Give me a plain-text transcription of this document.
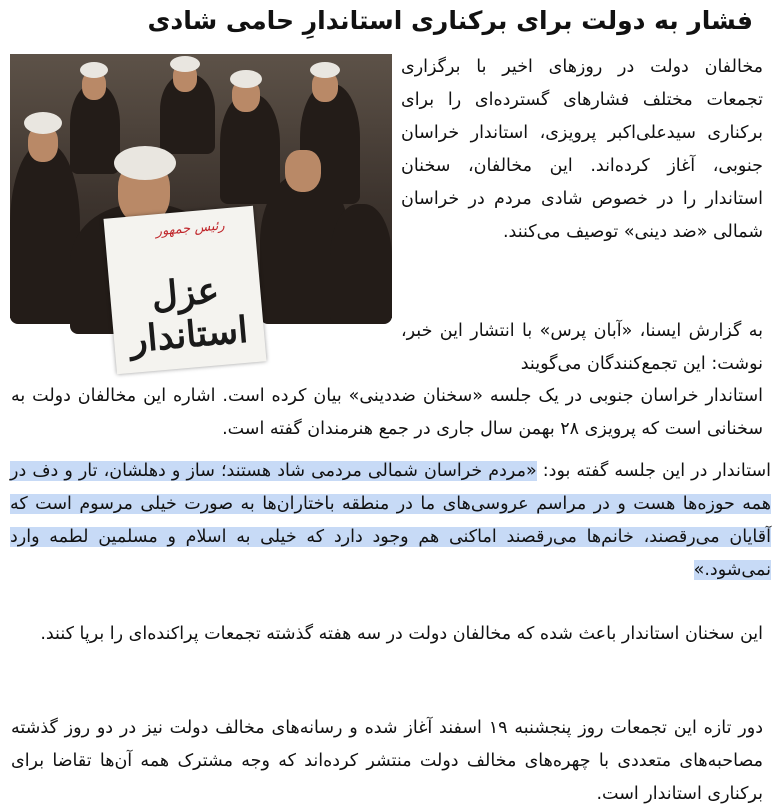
فشار به دولت برای برکناری استاندارِ حامی شادی
رئیس جمهور
عزل استاندار

مخالفان دولت در روزهای اخیر با برگزاری تجمعات مختلف فشارهای گسترده‌ای را برای برکناری سیدعلی‌اکبر پرویزی، استاندار خراسان جنوبی، آغاز کرده‌اند. این مخالفان، سخنان استاندار را در خصوص شادی مردم در خراسان شمالی «ضد دینی» توصیف می‌کنند.

به گزارش ایسنا، «آبان پرس» با انتشار این خبر، نوشت: این تجمع‌کنندگان می‌گویند

استاندار خراسان جنوبی در یک جلسه «سخنان ضددینی» بیان کرده است. اشاره این مخالفان دولت به سخنانی است که پرویزی ۲۸ بهمن سال جاری در جمع هنرمندان گفته است.

استاندار در این جلسه گفته بود: «مردم خراسان شمالی مردمی شاد هستند؛ ساز و دهلشان، تار و دف در همه حوزه‌ها هست و در مراسم عروسی‌های ما در منطقه باختاران‌ها به صورت خیلی مرسوم است که آقایان می‌رقصند، خانم‌ها می‌رقصند اماکنی هم وجود دارد که خیلی به اسلام و مسلمین لطمه وارد نمی‌شود.»

این سخنان استاندار باعث شده که مخالفان دولت در سه هفته گذشته تجمعات پراکنده‌ای را برپا کنند.

دور تازه این تجمعات روز پنجشنبه ۱۹ اسفند آغاز شده و رسانه‌های مخالف دولت نیز در دو روز گذشته مصاحبه‌های متعددی با چهره‌های مخالف دولت منتشر کرده‌اند که وجه مشترک همه آن‌ها تقاضا برای برکناری استاندار است.
